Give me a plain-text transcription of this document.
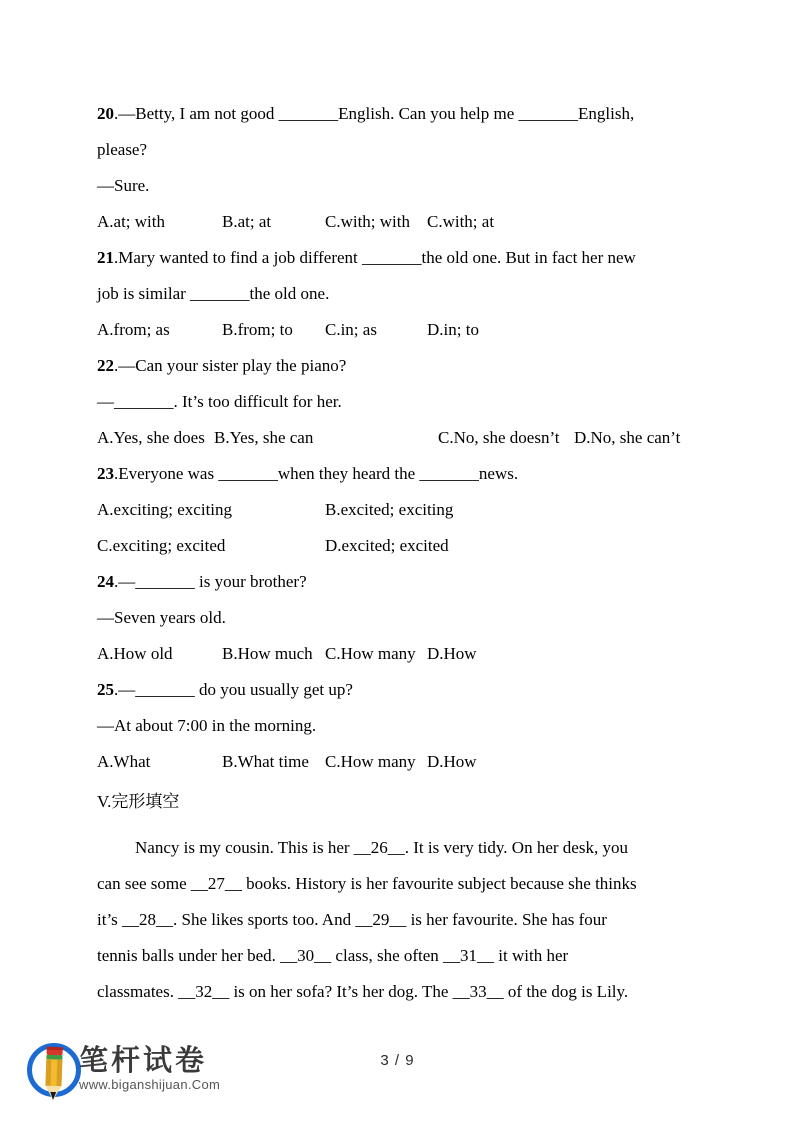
20.—Betty, I am not good _______English. Can you help me _______English,
please?
—Sure.
A.at; with	B.at; at	C.with; with C.with; at
21.Mary wanted to find a job different _______the old one. But in fact her new
job is similar _______the old one.
A.from; as	B.from; to	C.in; as	D.in; to
22.—Can your sister play the piano?
—_______. It’s too difficult for her.
A.Yes, she does B.Yes, she can	C.No, she doesn’t D.No, she can’t
23.Everyone was _______when they heard the _______news.
A.exciting; exciting	B.excited; exciting
C.exciting; excited	D.excited; excited
24.—_______ is your brother?
—Seven years old.
A.How old	B.How much C.How many D.How
25.—_______ do you usually get up?
—At about 7:00 in the morning.
A.What	B.What time C.How many D.How
V.完形填空
Nancy is my cousin. This is her __26__. It is very tidy. On her desk, you
can see some __27__ books. History is her favourite subject because she thinks
it’s __28__. She likes sports too. And __29__ is her favourite. She has four
tennis balls under her bed. __30__ class, she often __31__ it with her
classmates. __32__ is on her sofa? It’s her dog. The __33__ of the dog is Lily.
笔杆试卷
www.biganshijuan.Com
3 / 9
